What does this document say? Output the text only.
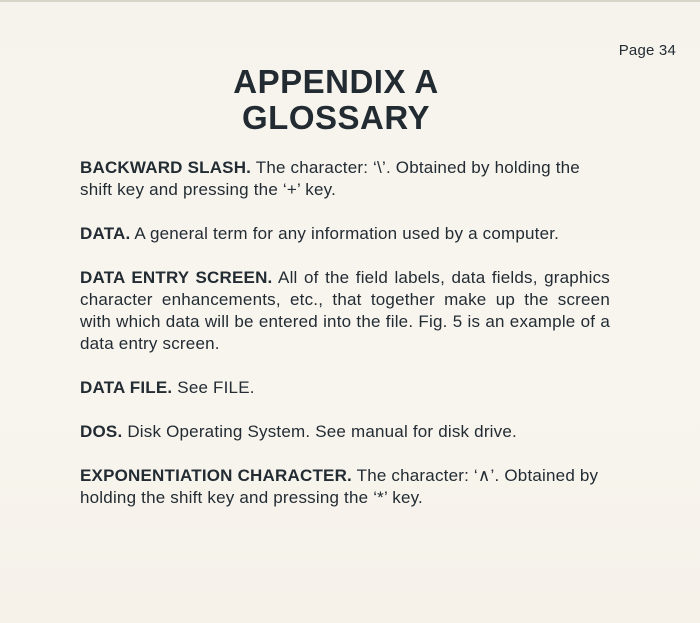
Page 34
APPENDIX A
GLOSSARY

BACKWARD SLASH. The character: ‘\’. Obtained by holding the shift key and pressing the ‘+’ key.

DATA. A general term for any information used by a computer.

DATA ENTRY SCREEN. All of the field labels, data fields, graphics character enhancements, etc., that together make up the screen with which data will be entered into the file. Fig. 5 is an example of a data entry screen.

DATA FILE. See FILE.

DOS. Disk Operating System. See manual for disk drive.

EXPONENTIATION CHARACTER. The character: ‘∧’. Obtained by holding the shift key and pressing the ‘*’ key.
